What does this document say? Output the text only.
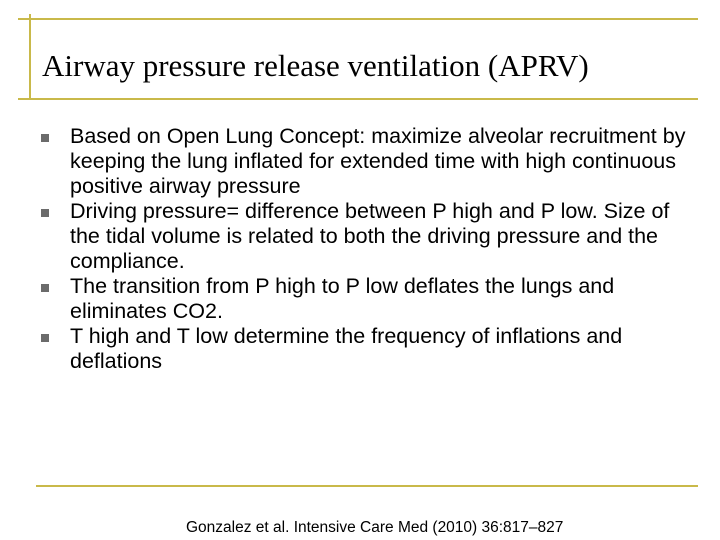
Airway pressure release ventilation (APRV)
Based on Open Lung Concept: maximize alveolar recruitment by keeping the lung inflated for extended time with high continuous positive airway pressure
Driving pressure= difference between P high and P low. Size of the tidal volume is related to both the driving pressure and the compliance.
The transition from P high to P low deflates the lungs and eliminates CO2.
T high and T low determine the frequency of inflations and deflations
Gonzalez et al. Intensive Care Med (2010) 36:817–827
